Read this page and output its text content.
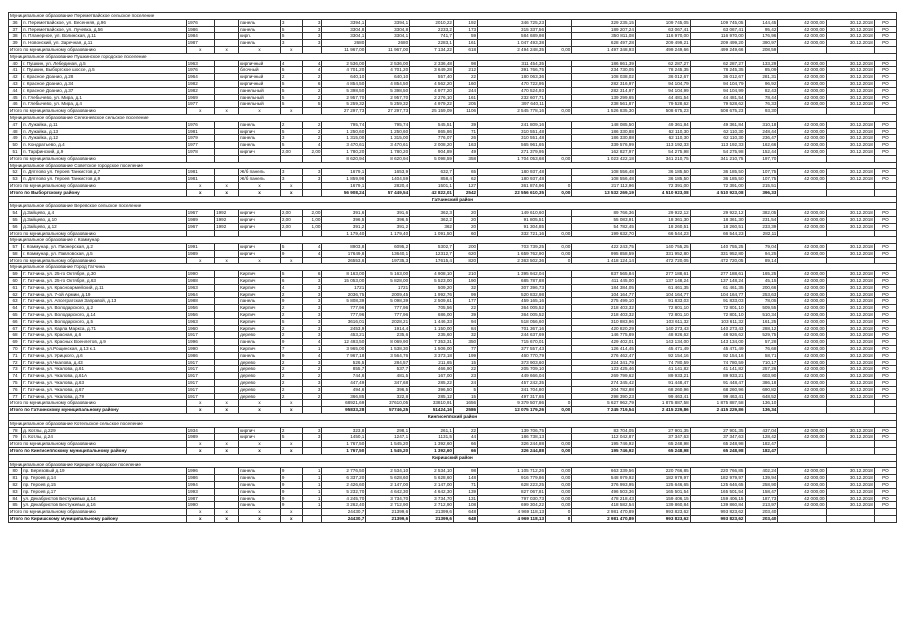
Муниципальное образование Переметвайское сельское поселение																			
36	п. Переметвайское, ул. Весенняя, д.96	1976		панель	3	3	3394,1	3394,1	2010,22	192	346 725,23		329 235,15	109 745,05	109 745,05	144,45	42 000,00	30.12.2018	РО
37	п. Переметвайское, ул. Лучевка, д.56	1986		панель	5	3	3304,8	3304,8	2233,2	173	315 337,56		189 207,24	63 067,41	63 067,41	95,42	42 000,00	30.12.2018	РО
38	п. Планерное, ул. Волинская, д.11	1984		кирп.	5	3	3304,1	3304,1	741,7	59	584 689,98		350 811,08	116 970,00	116 970,00	176,96	42 000,00	30.12.2018	РО
39	п. Новонский, ул. Заречная, д.11	1987		панель	3	3	2680	2680	2283,1	161	1 047 493,38		628 497,28	209 499,21	209 499,20	390,97	42 000,00	30.12.2018	РО
Итого по муниципальному образованию		х	х	х	х		11 967,00	11 967,00	7 134,22	618	2 494 248,35	0,00	1 497 348,93	499 249,66	499 249,66	208,59			
Муниципальное образование Пушкинское городское поселение																			
40	г. Пушкин, ул. Лебединая, д.5	1963		кирпичный	4	4	2 536,00	2 536,00	2 336,48	98	311 454,35		186 861,39	62 287,27	62 287,27	133,29	42 000,00	30.12.2018	РО
41	г. Пушкин, Выборгское шоссе, д.5	1976		блочный	5	4	4 701,20	4 701,20	3 649,28	212	391 766,75		234 730,05	78 245,35	78 245,35	85,09	42 000,00	30.12.2018	РО
42	г. Красное Доанио, д.28	1964		кирпичный	2	2	640,10	640,10	557,40	22	180 063,36		108 038,02	36 012,67	36 012,67	281,31	42 000,00	30.12.2018	РО
43	г. Красное Доанио, д.34	1982		кирпичный	5	6	4 854,50	4 854,50	4 562,20	160	470 722,95		282 316,97	94 104,79	94 104,79	96,92	42 000,00	30.12.2018	РО
44	г. Красное Доанио, д.37	1982		панельный	5	2	5 398,50	5 398,50	4 977,20	244	470 524,93		282 314,97	94 104,99	94 104,99	82,43	42 000,00	30.12.2018	РО
45	п. Глебычево, ул. Мира, д.1	1969		панельный	5	2	2 957,70	2 957,70	2 276,10	161	232 607,71		139 299,65	44 481,54	44 481,54	78,44	42 000,00	30.12.2018	РО
46	п. Глебычево, ул. Мира, д.4	1977		панельный	5	5	5 259,32	5 259,32	4 979,22	205	397 640,11		238 561,87	79 528,62	79 528,62	76,33	42 000,00	30.12.2018	РО
Итого по муниципальному образованию		х	х	х	х		27 297,73	27 297,73	25 159,09	1106	2 545 778,16	0,00	1 526 835,30	508 675,23	508 675,23	93,30			
Муниципальное образование Селезневское сельское поселение																			
47	п. Лужайка, д.11	1976		панель	2	2	795,74	795,74	545,51	39	241 809,16		148 085,50	49 361,84	49 361,84	310,18	42 000,00	30.12.2018	РО
48	п. Лужайка, д.13	1981		кирпич	5	2	1 250,60	1 250,60	865,86	71	310 551,48		186 330,88	62 110,30	62 110,30	248,44	42 000,00	30.12.2018	РО
49	п. Лужайка, д.12	1979		панель	3	2	1 315,00	1 315,00	776,07	26	310 551,48		186 330,88	62 110,30	62 110,30	236,47	42 000,00	30.12.2018	РО
50	п. Кондратьево, д.4	1977		панель	5	4	3 470,61	3 470,61	2 008,20	163	565 961,65		339 576,99	113 192,33	113 192,33	162,66	42 000,00	30.12.2018	РО
51	п. Тарфинский, д.9	1978		кирпич	2,00	2,00	1 780,20	1 780,20	904,89	49	271 379,95		162 827,97	54 275,98	54 275,98	152,44	42 000,00	30.12.2018	РО
Итого по муниципальному образованию							8 620,94	8 620,94	5 098,59	358	1 704 053,68	0,00	1 023 422,18	341 210,75	341 210,75	197,70			
Муниципальное образование Советское городское поселение																			
52	п. Дятлово ул. Героев Танкистов д.7	1981		Ж/б панель	3	3	1679,1	1653,9	632,7	65	180 937,48		108 556,48	36 185,50	36 185,50	107,75	42 000,00	30.12.2018	РО
53	п. Дятлово ул. Героев Танкистов д.9	1981		Ж/б панель	3	3	1 859,98	1404,59	858,4	62	180 937,48		108 556,48	36 185,50	36 185,50	107,75	42 000,00	30.12.2018	РО
Итого по муниципальному образованию		х	х	х	х		1679,1	2820,4	1501,1	127	361 874,96	0	217 112,96	72 391,00	72 391,00	215,51			
Итого по Выборгскому району		х	х	х	х		56 908,24	57 449,54	42 822,01	2542	22 556 610,35	0,00	13 532 269,19	4 510 923,08	4 510 923,08	396,33			
Гатчинский район																			
Муниципальное образование Веревское сельское поселение																			
54	д.Зайцево, д.4	1967	1992	кирпич	2,00	2,00	391,6	391,6	362,3	20	149 610,60		89 766,36	29 922,12	29 922,12	382,05	42 000,00	30.12.2018	РО
55	д.Зайцево, д.10	1989	1992	кирпич	2,00	1,00	396,5	396,5	362,2	20	91 805,51		55 083,91	18 361,30	18 361,30	231,54	42 000,00	30.12.2018	РО
56	д.Зайцево, д.12	1967	1992	кирпич	2,00	1,00	391,2	391,2	362	20	91 304,85		54 782,45	18 260,51	18 260,51	233,39	42 000,00	30.12.2018	РО
Итого по муниципальному образованию							1 179,40	1 179,40	1 091,50	60	332 721,16	0,00	199 632,70	66 544,23	66 544,23	282,11			
Муниципальное образование г. Коммунар																			
57	г. Коммунар, ул. Пионерская, д.2	1991		кирпич	5	4	8903,8	6095,2	5302,7	200	703 739,25	0,00	422 243,75	140 755,25	140 755,25	79,04	42 000,00	30.12.2018	РО
58	г. Коммунар, ул. Павловская, д.5	1989		кирпич	9	4	17649,8	13640,1	12312,7	620	1 659 762,90	0,00	995 858,59	331 952,80	331 952,80	94,25	42 000,00	30.12.2018	РО
Итого по муниципальному образованию		х	х	х	х		26553,6	19735,3	17615,4	820	2 363 502,36	0	1 418 124,14	472 720,05	472 720,05	89,14			
Муниципальное образование Город Гатчина																			
59	Г. Гатчина, ул. 25-го Октября, д.30	1990		Кирпич	5	6	8 163,00	5 163,00	4 908,10	210	1 395 942,04		837 565,84	277 188,61	277 188,61	165,25	42 000,00	30.12.2018	РО
60	Г. Гатчина, ул. 25-го Октября, д.63	1988		Кирпич	6	3	15 053,00	5 828,00	5 523,00	190	685 787,88		411 445,00	137 148,24	137 148,24	45,15	42 000,00	30.12.2018	РО
61	Г. Гатчина, ул. Красноармейский, д.11	1963		Кирпич	4	3	1721	1721	509,20	32	307 396,73		184 384,05	61 461,35	61 461,35	200,66	42 000,00	30.12.2018	РО
62	Г. Гатчина, ул. 7-ой Армии, д.19	1964		Кирпич	2	3	2036,75	2009,45	1 992,76	99	520 832,98		104 164,77	104 164,77	104 164,77	253,63	42 000,00	30.12.2018	РО
63	Г. Гатчина, ул. Апсегратская Заправой, д.13	1988		панель	9	3	5 808,39	5 098,39	2 509,61	177	459 165,16		275 499,10	91 833,03	91 833,03	78,05	42 000,00	30.12.2018	РО
64	Г. Гатчина, ул. Володарского, д.2	1956		Кирпич	2	3	777,96	777,96	705,56	22	364 005,52		218 403,32	72 801,10	72 801,10	509,55	42 000,00	30.12.2018	РО
65	Г. Гатчина, ул. Володарского, д.14	1956		Кирпич	2	3	777,96	777,96	686,00	39	364 005,52		218 403,32	72 801,10	72 801,10	510,34	42 000,00	30.12.2018	РО
66	Г. Гатчина, ул. Володарского, д.5	1963		Кирпич	5	3	3616,01	2028,21	1 446,33	94	518 056,60		310 883,96	103 611,32	103 611,32	161,25	42 000,00	30.12.2018	РО
67	Г. Гатчина, ул. Карла Маркса, д.71	1960		Кирпич	2	3	2453,9	1914,4	1 150,00	84	701 367,16		420 820,29	140 273,43	140 273,43	288,12	42 000,00	30.12.2018	РО
68	Г. Гатчина, ул. Красная, д.6	1917		дерево	2	3	453,21	235,6	235,60	32	244 637,69		146 775,89	48 926,62	48 926,62	529,75	42 000,00	30.12.2018	РО
69	Г. Гатчина, ул. Красных Военлетов, д.9	1996		панель	9	4	12 493,50	8 069,90	7 353,31	350	715 670,01		429 402,01	143 134,00	143 134,00	57,28	42 000,00	30.12.2018	РО
70	Г. Гатчина, ул.Рощинская, д.13 к.1	1990		Кирпич	7	1	3 965,00	1 538,30	1 506,00	77	377 557,43		126 414,45	45 471,49	45 471,49	76,68	42 000,00	30.12.2018	РО
71	Г. Гатчина, ул. Урицкого, д.6	1986		панель	9	4	7 967,18	3 564,76	3 373,18	199	460 770,79		276 462,47	92 154,16	92 154,16	58,71	42 000,00	30.12.2018	РО
72	Г. Гатчина, ул.Чкалова, д.43	1917		дерево	2	3	526,5	284,57	211,65	15	373 903,60		224 341,79	74 780,59	74 780,59	710,17	42 000,00	30.12.2018	РО
73	Г. Гатчина, ул. Чкалова, д.61	1917		дерево	2	2	855,7	537,7	466,90	22	205 709,10		123 425,46	41 141,82	41 141,82	257,26	42 000,00	30.12.2018	РО
74	Г. Гатчина, ул. Чкалова, д.61А	1917		дерево	2	2	744,6	481,5	167,00	23	449 666,04		269 799,62	89 933,21	89 933,21	603,90	42 000,00	30.12.2018	РО
75	Г. Гатчина, ул. Чкалова, д.63	1917		дерево	2	3	447,49	347,68	285,22	24	457 242,35		274 345,42	91 448,47	91 448,47	386,18	42 000,00	30.12.2018	РО
76	Г. Гатчина, ул. Чкалова, д.67	1917		дерево	2	3	494,6	396,5	396,50	5	341 704,80		204 782,88	68 260,96	68 260,96	690,82	42 000,00	30.12.2018	РО
77	Г. Гатчина, ул. Чкалова, д.79	1917		дерево	2	2	366,85	322,8	285,12	15	497 317,65		298 390,23	99 463,41	99 463,41	648,52	42 000,00	30.12.2018	РО
Итого по муниципальному образованию		х	х	х	х		68921,69	37610,05	33810,91	1656	9 379 507,86	0	5 627 962,79	1 875 887,58	1 875 887,58	136,10			
Итого по Гатчинскому муниципальному району		х	х	х	х		95833,28	57746,25	51424,16	2586	12 075 179,26	0,00	7 245 719,54	2 415 229,86	2 415 229,86	136,34			
Кингисеппский район																			
Муниципальное образование Котельское сельское поселение																			
78	д. Котлы, д.229	1934		кирпич	2	3	323,8	298,1	261,1	22	139 706,75		83 704,05	27 901,35	27 901,35	437,04	42 000,00	30.12.2018	РО
79	п. Котлы, д.24	1989		кирпич	5	3	1450,1	1247,1	1131,5	44	186 738,13		112 042,87	37 347,63	37 347,63	128,42	42 000,00	30.12.2018	РО
Итого по муниципальному образованию		х	х	х	х		1 767,50	1 545,20	1 392,60	66	326 244,88	0,00	195 746,92	65 248,98	65 248,98	182,47			
Итого по Кингисеппскому муниципальному району		х	х	х	х		1 767,50	1 545,20	1 392,60	66	326 244,88	0,00	195 746,92	65 248,98	65 248,98	182,47			
Киришский район																			
Муниципальное образование Кирицкое городское поселение																			
80	пр. Березовый д.19	1996		панель	9	1	2 776,50	2 534,10	2 534,10	98	1 105 712,26	0,00	663 339,56	220 766,85	220 766,85	402,24	42 000,00	30.12.2018	РО
81	пр. Героев д.14	1986		панель	9	1	6 337,20	5 628,60	5 628,60	148	916 779,86	0,00	548 979,92	182 979,97	182 979,97	139,94	42 000,00	30.12.2018	РО
82	пр. Героев д.15	1994		панель	9	1	2 426,60	2 147,00	2 147,00	71	628 223,25	0,00	376 993,95	125 646,65	125 646,65	258,90	42 000,00	30.12.2018	РО
83	пр. Героев д.17	1993		панель	9	1	5 232,70	4 642,30	4 642,30	139	827 067,81	0,00	496 503,36	165 501,54	165 501,54	158,47	42 000,00	30.12.2018	РО
84	ул. Декабристов Бестужевых д.14	1987		панель	9	1	4 245,70	3 734,70	3 734,70	131	797 030,73	0,00	478 218,43	159 406,15	159 406,15	187,73	42 000,00	30.12.2018	РО
85	ул. Декабристов Бестужевых д.16	1990		панель	9	1	3 262,40	2 712,90	2 712,90	108	699 304,22	0,00	418 582,54	139 860,84	139 860,84	213,97	42 000,00	30.12.2018	РО
Итого по муниципальному образованию		х	х	х	х		24430,7	21399,6	21399,6	648	4 969 118,13	0	2 981 470,89	993 823,62	993 823,62	203,40			
Итого по Киришскому муниципальному району		х	х	х	х		24430,7	21399,6	21399,6	648	4 969 118,13	0	2 981 470,89	993 823,62	993 823,62	203,40			
